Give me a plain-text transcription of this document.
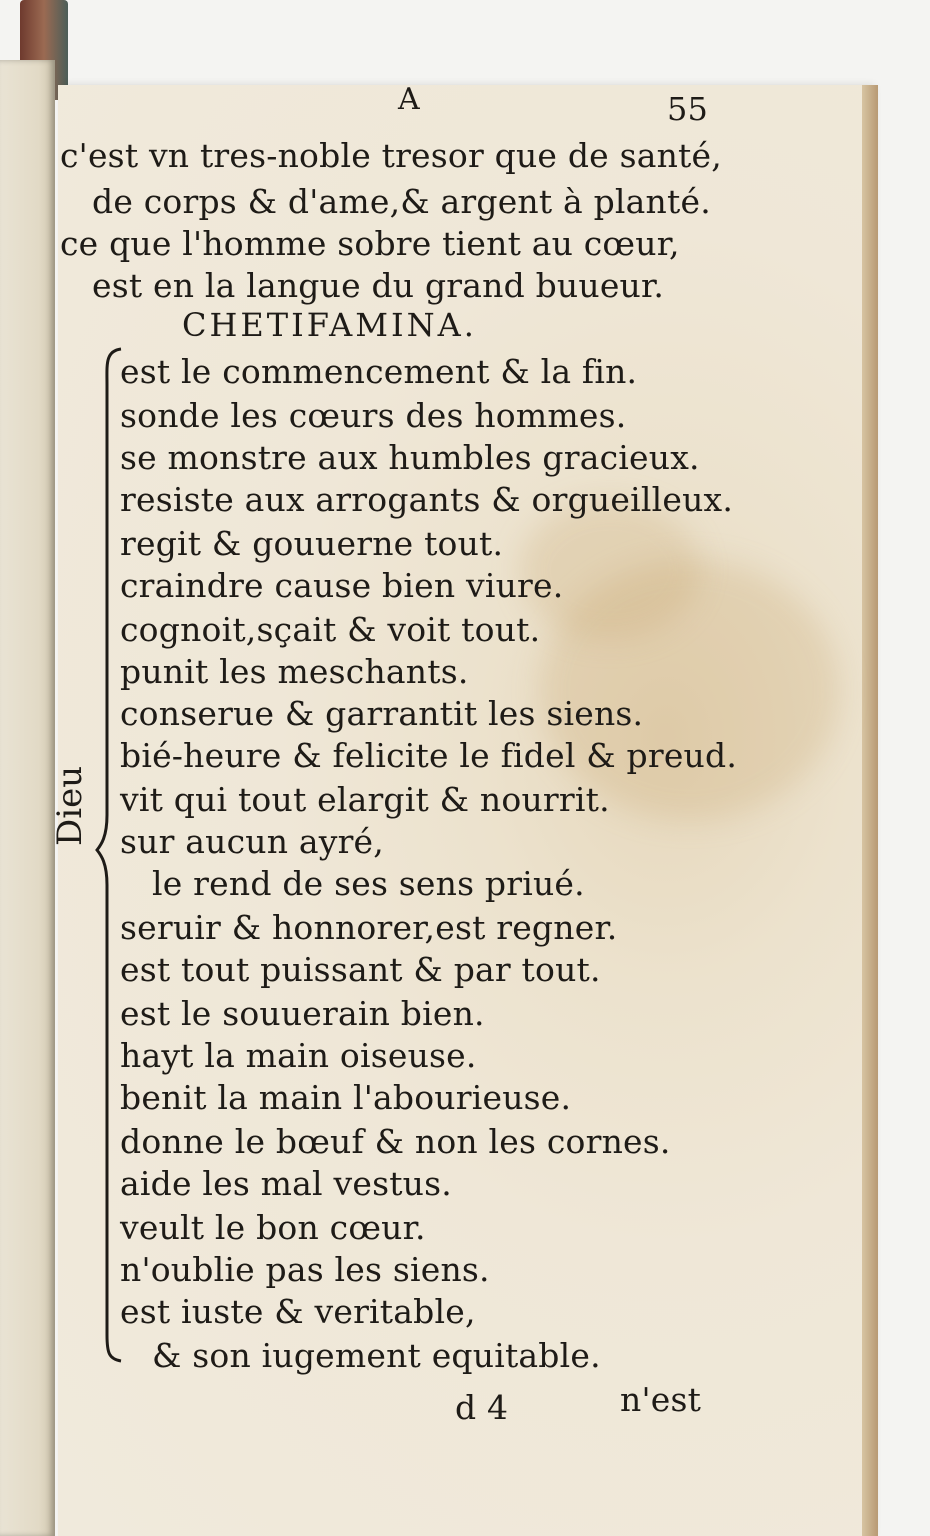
A	55
c'est vn tres-noble tresor que de santé,
de corps & d'ame,& argent à planté.
ce que l'homme sobre tient au cœur,
est en la langue du grand buueur.
CHETIFAMINA.
Dieu
est le commencement & la fin.
sonde les cœurs des hommes.
se monstre aux humbles gracieux.
resiste aux arrogants & orgueilleux.
regit & gouuerne tout.
craindre cause bien viure.
cognoit,sçait & voit tout.
punit les meschants.
conserue & garrantit les siens.
bié-heure & felicite le fidel & preud.
vit qui tout elargit & nourrit.
sur aucun ayré,
le rend de ses sens priué.
seruir & honnorer,est regner.
est tout puissant & par tout.
est le souuerain bien.
hayt la main oiseuse.
benit la main l'abourieuse.
donne le bœuf & non les cornes.
aide les mal vestus.
veult le bon cœur.
n'oublie pas les siens.
est iuste & veritable,
& son iugement equitable.
d 4	n'est
